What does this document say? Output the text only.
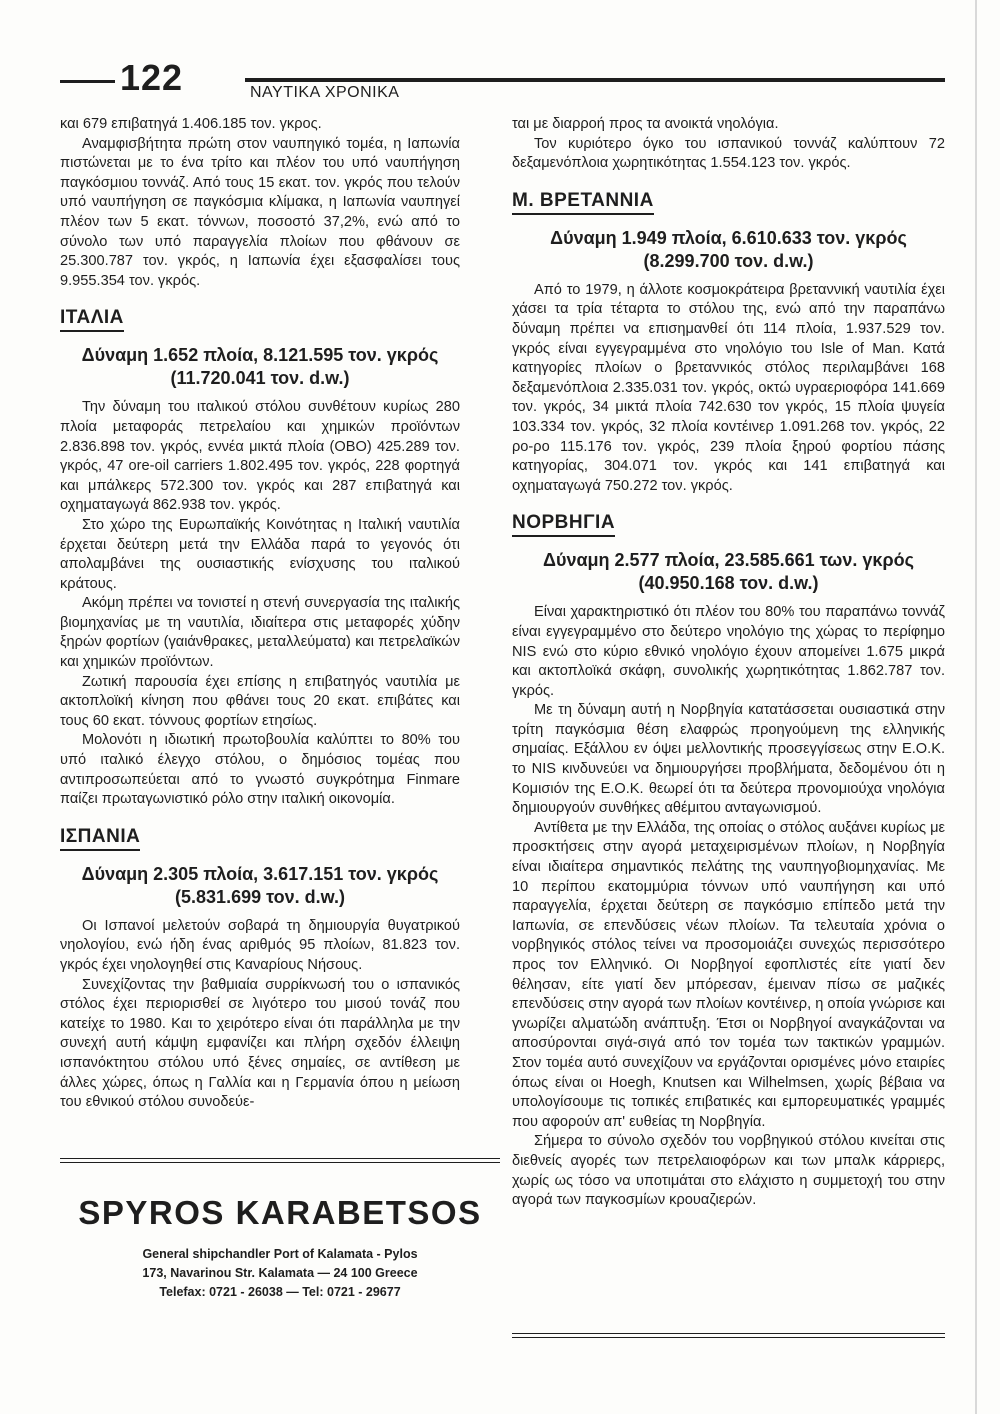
122	ΝΑΥΤΙΚΑ ΧΡΟΝΙΚΑ

και 679 επιβατηγά 1.406.185 τον. γκρος.

Αναμφισβήτητα πρώτη στον ναυπηγικό τομέα, η Ιαπωνία πιστώνεται με το ένα τρίτο και πλέον του υπό ναυπήγηση παγκόσμιου τοννάζ. Από τους 15 εκατ. τον. γκρός που τελούν υπό ναυπήγηση σε παγκόσμια κλίμακα, η Ιαπωνία ναυπηγεί πλέον των 5 εκατ. τόννων, ποσοστό 37,2%, ενώ από το σύνολο των υπό παραγγελία πλοίων που φθάνουν σε 25.300.787 τον. γκρός, η Ιαπωνία έχει εξασφαλίσει τους 9.955.354 τον. γκρός.

ΙΤΑΛΙΑ
Δύναμη 1.652 πλοία, 8.121.595 τον. γκρός
(11.720.041 τον. d.w.)

Την δύναμη του ιταλικού στόλου συνθέτουν κυρίως 280 πλοία μεταφοράς πετρελαίου και χημικών προϊόντων 2.836.898 τον. γκρός, εννέα μικτά πλοία (ΟΒΟ) 425.289 τον. γκρός, 47 ore-oil carriers 1.802.495 τον. γκρός, 228 φορτηγά και μπάλκερς 572.300 τον. γκρός και 287 επιβατηγά και οχηματαγωγά 862.938 τον. γκρός.

Στο χώρο της Ευρωπαϊκής Κοινότητας η Ιταλική ναυτιλία έρχεται δεύτερη μετά την Ελλάδα παρά το γεγονός ότι απολαμβάνει της ουσιαστικής ενίσχυσης του ιταλικού κράτους.

Ακόμη πρέπει να τονιστεί η στενή συνεργασία της ιταλικής βιομηχανίας με τη ναυτιλία, ιδιαίτερα στις μεταφορές χύδην ξηρών φορτίων (γαιάνθρακες, μεταλλεύματα) και πετρελαϊκών και χημικών προϊόντων.

Ζωτική παρουσία έχει επίσης η επιβατηγός ναυτιλία με ακτοπλοϊκή κίνηση που φθάνει τους 20 εκατ. επιβάτες και τους 60 εκατ. τόννους φορτίων ετησίως.

Μολονότι η ιδιωτική πρωτοβουλία καλύπτει το 80% του υπό ιταλικό έλεγχο στόλου, ο δημόσιος τομέας που αντιπροσωπεύεται από το γνωστό συγκρότημα Finmare παίζει πρωταγωνιστικό ρόλο στην ιταλική οικονομία.

ΙΣΠΑΝΙΑ
Δύναμη 2.305 πλοία, 3.617.151 τον. γκρός
(5.831.699 τον. d.w.)

Οι Ισπανοί μελετούν σοβαρά τη δημιουργία θυγατρικού νηολογίου, ενώ ήδη ένας αριθμός 95 πλοίων, 81.823 τον. γκρός έχει νηολογηθεί στις Καναρίους Νήσους.

Συνεχίζοντας την βαθμιαία συρρίκνωσή του ο ισπανικός στόλος έχει περιορισθεί σε λιγότερο του μισού τονάζ που κατείχε το 1980. Και το χειρότερο είναι ότι παράλληλα με την συνεχή αυτή κάμψη εμφανίζει και πλήρη σχεδόν έλλειψη ισπανόκτητου στόλου υπό ξένες σημαίες, σε αντίθεση με άλλες χώρες, όπως η Γαλλία και η Γερμανία όπου η μείωση του εθνικού στόλου συνοδεύε-

SPYROS KARABETSOS
General shipchandler Port of Kalamata - Pylos
173, Navarinou Str. Kalamata — 24 100 Greece
Telefax: 0721 - 26038 — Tel: 0721 - 29677

ται με διαρροή προς τα ανοικτά νηολόγια.

Τον κυριότερο όγκο του ισπανικού τοννάζ καλύπτουν 72 δεξαμενόπλοια χωρητικότητας 1.554.123 τον. γκρός.

Μ. ΒΡΕΤΑΝΝΙΑ
Δύναμη 1.949 πλοία, 6.610.633 τον. γκρός
(8.299.700 τον. d.w.)

Από το 1979, η άλλοτε κοσμοκράτειρα βρεταννική ναυτιλία έχει χάσει τα τρία τέταρτα το στόλου της, ενώ από την παραπάνω δύναμη πρέπει να επισημανθεί ότι 114 πλοία, 1.937.529 τον. γκρός είναι εγγεγραμμένα στο νηολόγιο του Isle of Man. Κατά κατηγορίες πλοίων ο βρεταννικός στόλος περιλαμβάνει 168 δεξαμενόπλοια 2.335.031 τον. γκρός, οκτώ υγραεριοφόρα 141.669 τον. γκρός, 34 μικτά πλοία 742.630 τον γκρός, 15 πλοία ψυγεία 103.334 τον. γκρός, 32 πλοία κοντέινερ 1.091.268 τον. γκρός, 22 ρο-ρο 115.176 τον. γκρός, 239 πλοία ξηρού φορτίου πάσης κατηγορίας, 304.071 τον. γκρός και 141 επιβατηγά και οχηματαγωγά 750.272 τον. γκρός.

ΝΟΡΒΗΓΙΑ
Δύναμη 2.577 πλοία, 23.585.661 των. γκρός
(40.950.168 τον. d.w.)

Είναι χαρακτηριστικό ότι πλέον του 80% του παραπάνω τοννάζ είναι εγγεγραμμένο στο δεύτερο νηολόγιο της χώρας το περίφημο NIS ενώ στο κύριο εθνικό νηολόγιο έχουν απομείνει 1.675 μικρά και ακτοπλοϊκά σκάφη, συνολικής χωρητικότητας 1.862.787 τον. γκρός.

Με τη δύναμη αυτή η Νορβηγία κατατάσσεται ουσιαστικά στην τρίτη παγκόσμια θέση ελαφρώς προηγούμενη της ελληνικής σημαίας. Εξάλλου εν όψει μελλοντικής προσεγγίσεως στην Ε.Ο.Κ. το NIS κινδυνεύει να δημιουργήσει προβλήματα, δεδομένου ότι η Κομισιόν της Ε.Ο.Κ. θεωρεί ότι τα δεύτερα προνομιούχα νηολόγια δημιουργούν συνθήκες αθέμιτου ανταγωνισμού.

Αντίθετα με την Ελλάδα, της οποίας ο στόλος αυξάνει κυρίως με προσκτήσεις στην αγορά μεταχειρισμένων πλοίων, η Νορβηγία είναι ιδιαίτερα σημαντικός πελάτης της ναυπηγοβιομηχανίας. Με 10 περίπου εκατομμύρια τόννων υπό ναυπήγηση και υπό παραγγελία, έρχεται δεύτερη σε παγκόσμιο επίπεδο μετά την Ιαπωνία, σε επενδύσεις νέων πλοίων. Τα τελευταία χρόνια ο νορβηγικός στόλος τείνει να προσομοιάζει συνεχώς περισσότερο προς τον Ελληνικό. Οι Νορβηγοί εφοπλιστές είτε γιατί δεν θέλησαν, είτε γιατί δεν μπόρεσαν, έμειναν πίσω σε μαζικές επενδύσεις στην αγορά των πλοίων κοντέινερ, η οποία γνώρισε και γνωρίζει αλματώδη ανάπτυξη. Έτσι οι Νορβηγοί αναγκάζονται να αποσύρονται σιγά-σιγά από τον τομέα των τακτικών γραμμών. Στον τομέα αυτό συνεχίζουν να εργάζονται ορισμένες μόνο εταιρίες όπως είναι οι Hoegh, Knutsen και Wilhelmsen, χωρίς βέβαια να υπολογίσουμε τις τοπικές επιβατικές και εμπορευματικές γραμμές που αφορούν απ' ευθείας τη Νορβηγία.

Σήμερα το σύνολο σχεδόν του νορβηγικού στόλου κινείται στις διεθνείς αγορές των πετρελαιοφόρων και των μπαλκ κάρριερς, χωρίς ως τόσο να υποτιμάται στο ελάχιστο η συμμετοχή του στην αγορά των παγκοσμίων κρουαζιερών.
